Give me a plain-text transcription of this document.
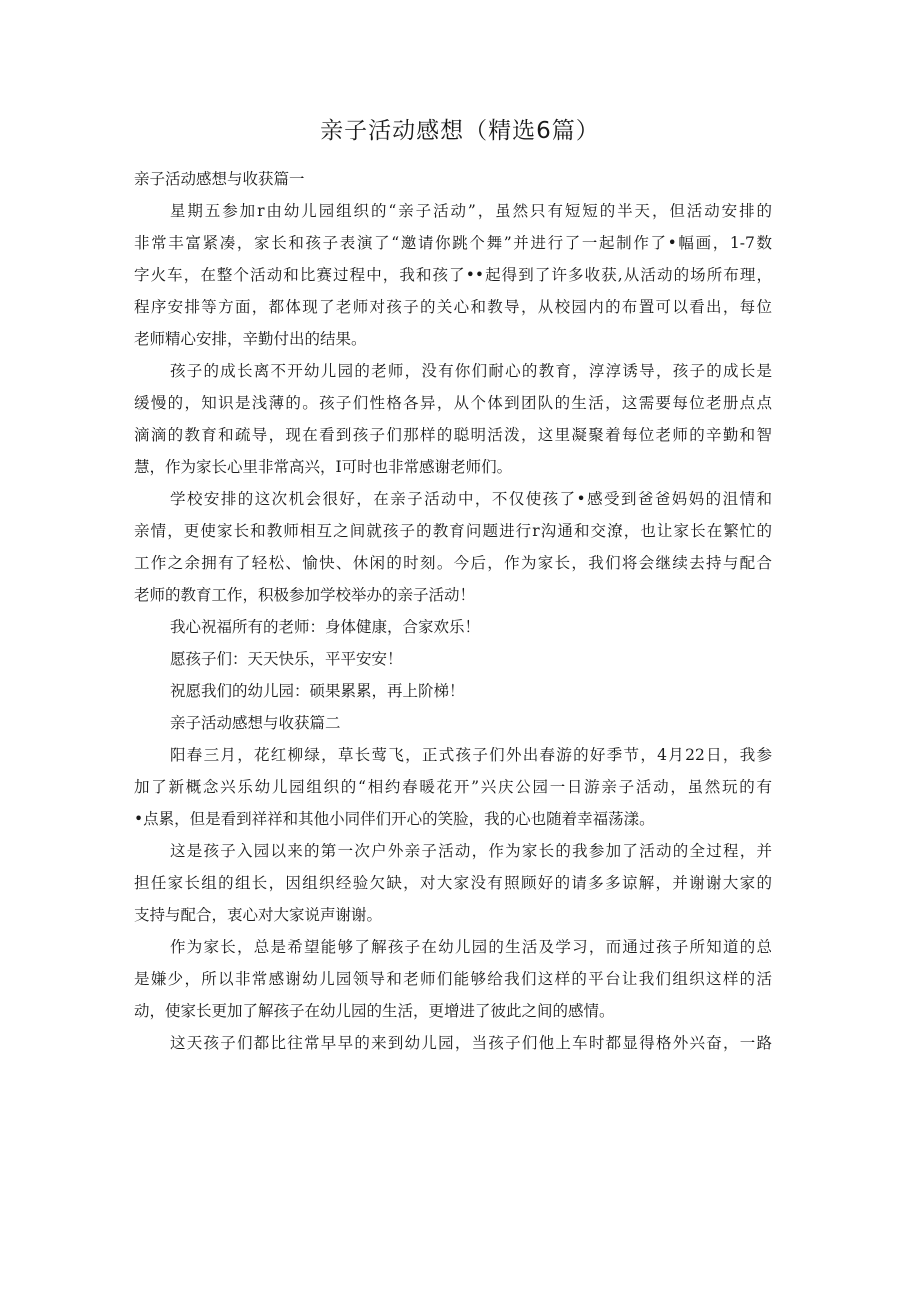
亲子活动感想（精选6篇）

亲子活动感想与收获篇一

星期五参加r由幼儿园组织的“亲子活动”，虽然只有短短的半天，但活动安排的

非常丰富紧凑，家长和孩子表演了“邀请你跳个舞”并进行了一起制作了•幅画，1-7数

字火车，在整个活动和比赛过程中，我和孩了••起得到了许多收获,从活动的场所布理，

程序安排等方面，都体现了老师对孩子的关心和教导，从校园内的布置可以看出，每位

老师精心安排，辛勤付出的结果。

孩子的成长离不开幼儿园的老师，没有你们耐心的教育，淳淳诱导，孩子的成长是

缓慢的，知识是浅薄的。孩子们性格各异，从个体到团队的生活，这需要每位老册点点

滴滴的教育和疏导，现在看到孩子们那样的聪明活泼，这里凝聚着每位老师的辛勤和智

慧，作为家长心里非常高兴，I可时也非常感谢老师们。

学校安排的这次机会很好，在亲子活动中，不仅使孩了•感受到爸爸妈妈的沮情和

亲情，更使家长和教师相互之间就孩子的教育问题进行r沟通和交潦，也让家长在繁忙的

工作之余拥有了轻松、愉快、休闲的时刻。今后，作为家长，我们将会继续去持与配合

老师的教育工作，积极参加学校举办的亲子活动！

我心祝福所有的老师：身体健康，合家欢乐！

愿孩子们：天天快乐，平平安安！

祝愿我们的幼儿园：硕果累累，再上阶梯！

亲子活动感想与收获篇二

阳春三月，花红柳绿，草长莺飞，正式孩子们外出春游的好季节，4月22日，我参

加了新概念兴乐幼儿园组织的“相约春暖花开”兴庆公园一日游亲子活动，虽然玩的有

•点累，但是看到祥祥和其他小同伴们开心的笑脸，我的心也随着幸福荡漾。

这是孩子入园以来的第一次户外亲子活动，作为家长的我参加了活动的全过程，并

担任家长组的组长，因组织经验欠缺，对大家没有照顾好的请多多谅解，并谢谢大家的

支持与配合，衷心对大家说声谢谢。

作为家长，总是希望能够了解孩子在幼儿园的生活及学习，而通过孩子所知道的总

是嫌少，所以非常感谢幼儿园领导和老师们能够给我们这样的平台让我们组织这样的活

动，使家长更加了解孩子在幼儿园的生活，更增进了彼此之间的感情。

这天孩子们都比往常早早的来到幼儿园，当孩子们他上车时都显得格外兴奋，一路
